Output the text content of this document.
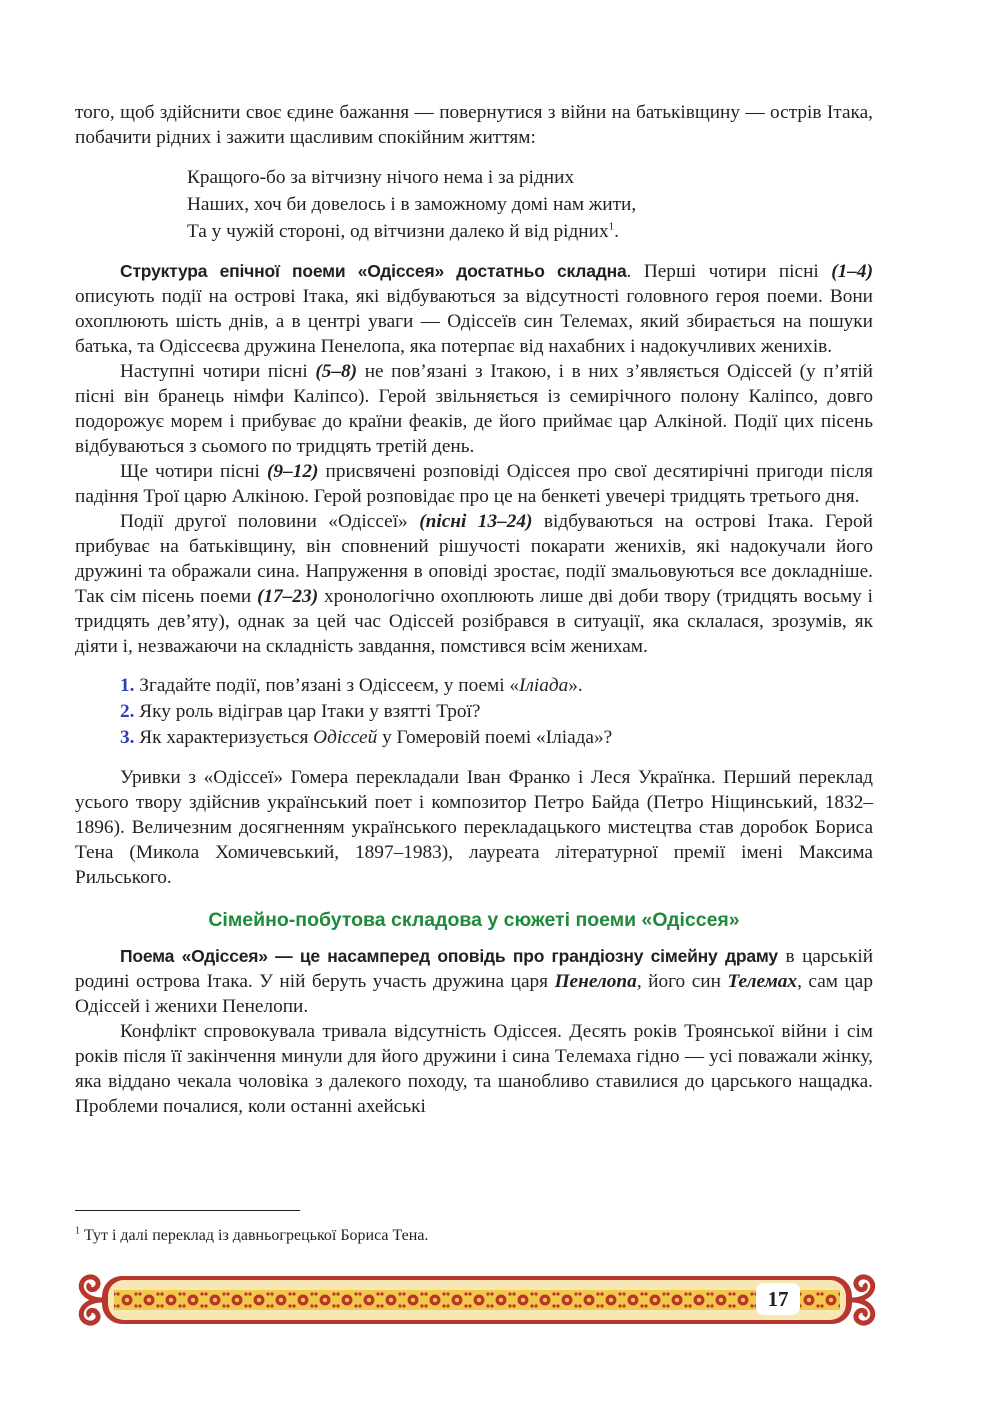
того, щоб здійснити своє єдине бажання — повернутися з війни на батьківщину — острів Ітака, побачити рідних і зажити щасливим спокійним життям:

Кращого-бо за вітчизну нічого нема і за рідних
Наших, хоч би довелось і в заможному домі нам жити,
Та у чужій стороні, од вітчизни далеко й від рідних$^1$.

Структура епічної поеми «Одіссея» достатньо складна. Перші чотири пісні (1–4) описують події на острові Ітака, які відбуваються за відсутності головного героя поеми. Вони охоплюють шість днів, а в центрі уваги — Одіссеїв син Телемах, який збирається на пошуки батька, та Одіссеєва дружина Пенелопа, яка потерпає від нахабних і надокучливих женихів.

Наступні чотири пісні (5–8) не пов’язані з Ітакою, і в них з’являється Одіссей (у п’ятій пісні він бранець німфи Каліпсо). Герой звільняється із семирічного полону Каліпсо, довго подорожує морем і прибуває до країни феаків, де його приймає цар Алкіной. Події цих пісень відбуваються з сьомого по тридцять третій день.

Ще чотири пісні (9–12) присвячені розповіді Одіссея про свої десятирічні пригоди після падіння Трої царю Алкіною. Герой розповідає про це на бенкеті увечері тридцять третього дня.

Події другої половини «Одіссеї» (пісні 13–24) відбуваються на острові Ітака. Герой прибуває на батьківщину, він сповнений рішучості покарати женихів, які надокучали його дружині та ображали сина. Напруження в оповіді зростає, події змальовуються все докладніше. Так сім пісень поеми (17–23) хронологічно охоплюють лише дві доби твору (тридцять восьму і тридцять дев’яту), однак за цей час Одіссей розібрався в ситуації, яка склалася, зрозумів, як діяти і, незважаючи на складність завдання, помстився всім женихам.

1. Згадайте події, пов’язані з Одіссеєм, у поемі «Іліада».
2. Яку роль відіграв цар Ітаки у взятті Трої?
3. Як характеризується Одіссей у Гомеровій поемі «Іліада»?

Уривки з «Одіссеї» Гомера перекладали Іван Франко і Леся Українка. Перший переклад усього твору здійснив український поет і композитор Петро Байда (Петро Ніщинський, 1832–1896). Величезним досягненням українського перекладацького мистецтва став доробок Бориса Тена (Микола Хомичевський, 1897–1983), лауреата літературної премії імені Максима Рильського.

Сімейно-побутова складова у сюжеті поеми «Одіссея»

Поема «Одіссея» — це насамперед оповідь про грандіозну сімейну драму в царській родині острова Ітака. У ній беруть участь дружина царя Пенелопа, його син Телемах, сам цар Одіссей і женихи Пенелопи.

Конфлікт спровокувала тривала відсутність Одіссея. Десять років Троянської війни і сім років після її закінчення минули для його дружини і сина Телемаха гідно — усі поважали жінку, яка віддано чекала чоловіка з далекого походу, та шанобливо ставилися до царського нащадка. Проблеми почалися, коли останні ахейські

$^1$ Тут і далі переклад із давньогрецької Бориса Тена.
17
